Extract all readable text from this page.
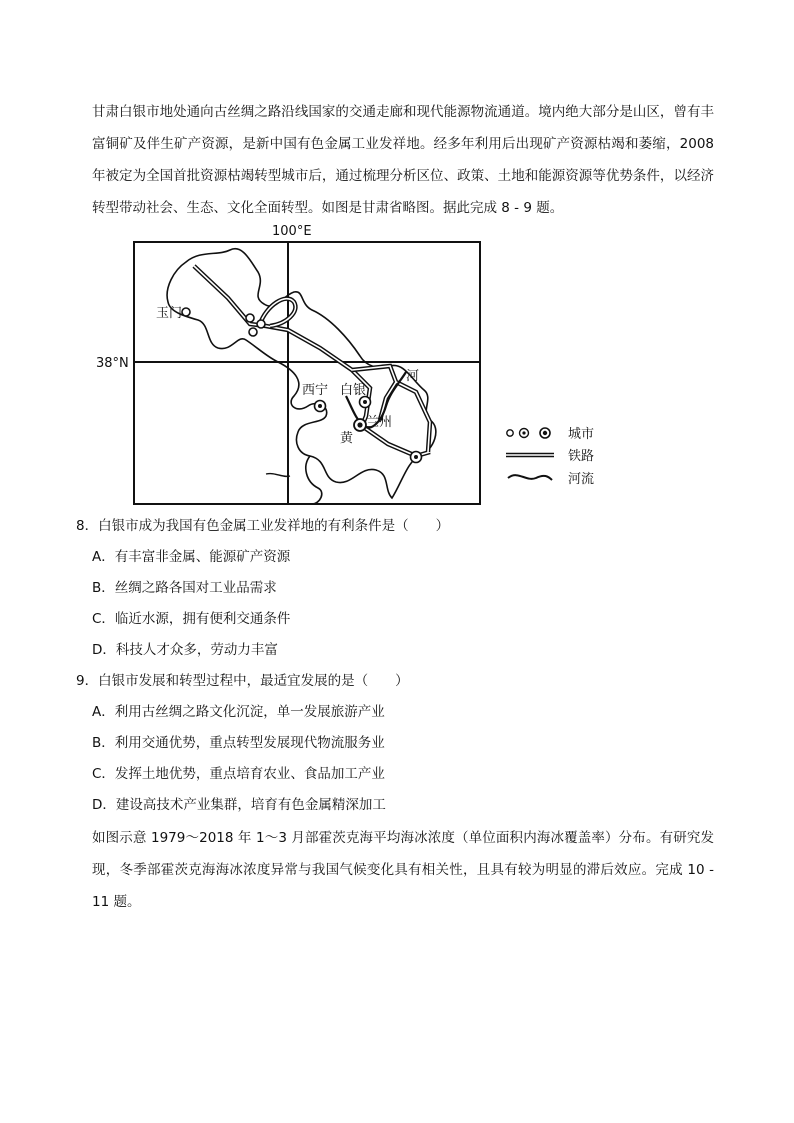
甘肃白银市地处通向古丝绸之路沿线国家的交通走廊和现代能源物流通道。境内绝大部分是山区，曾有丰富铜矿及伴生矿产资源，是新中国有色金属工业发祥地。经多年利用后出现矿产资源枯竭和萎缩，2008年被定为全国首批资源枯竭转型城市后，通过梳理分析区位、政策、土地和能源资源等优势条件，以经济转型带动社会、生态、文化全面转型。如图是甘肃省略图。据此完成 8 - 9 题。
100°E
38°N
玉门
西宁 白银
兰州
河
黄	城市
铁路
河流
8．白银市成为我国有色金属工业发祥地的有利条件是（　　）
A．有丰富非金属、能源矿产资源
B．丝绸之路各国对工业品需求
C．临近水源，拥有便利交通条件
D．科技人才众多，劳动力丰富
9．白银市发展和转型过程中，最适宜发展的是（　　）
A．利用古丝绸之路文化沉淀，单一发展旅游产业
B．利用交通优势，重点转型发展现代物流服务业
C．发挥土地优势，重点培育农业、食品加工产业
D．建设高技术产业集群，培育有色金属精深加工
如图示意 1979～2018 年 1～3 月部霍茨克海平均海冰浓度（单位面积内海冰覆盖率）分布。有研究发现，冬季部霍茨克海海冰浓度异常与我国气候变化具有相关性，且具有较为明显的滞后效应。完成 10 - 11 题。
